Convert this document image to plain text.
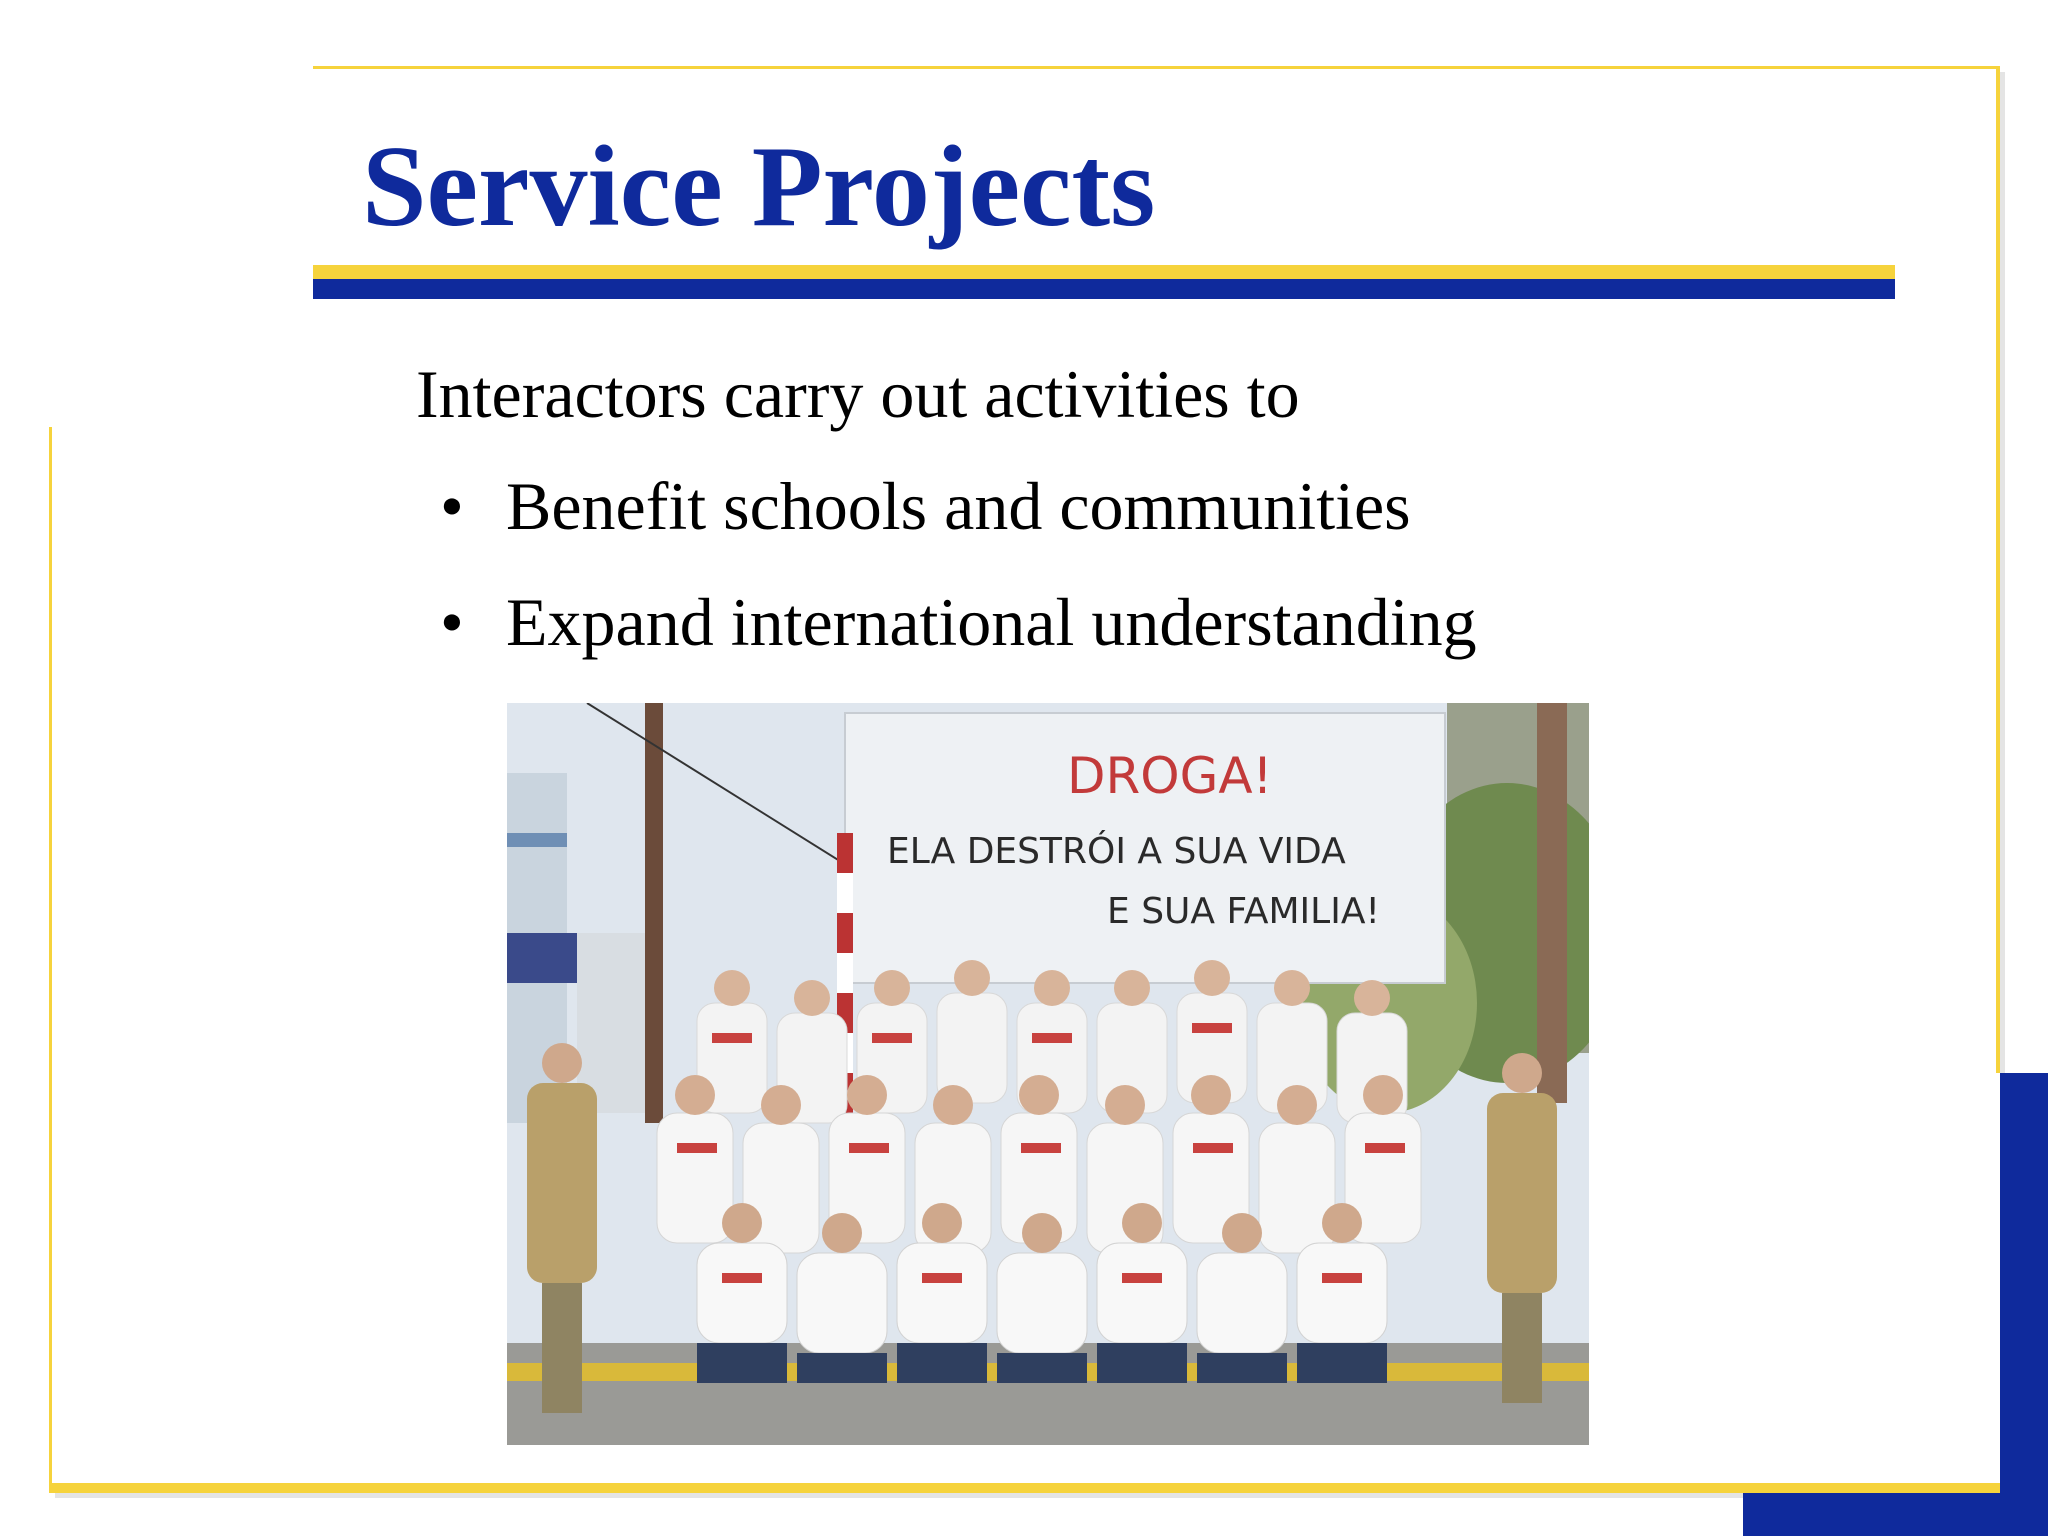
Service Projects
Interactors carry out activities to
• Benefit schools and communities
• Expand international understanding
DROGA!
ELA DESTRÓI A SUA VIDA
E SUA FAMILIA!
